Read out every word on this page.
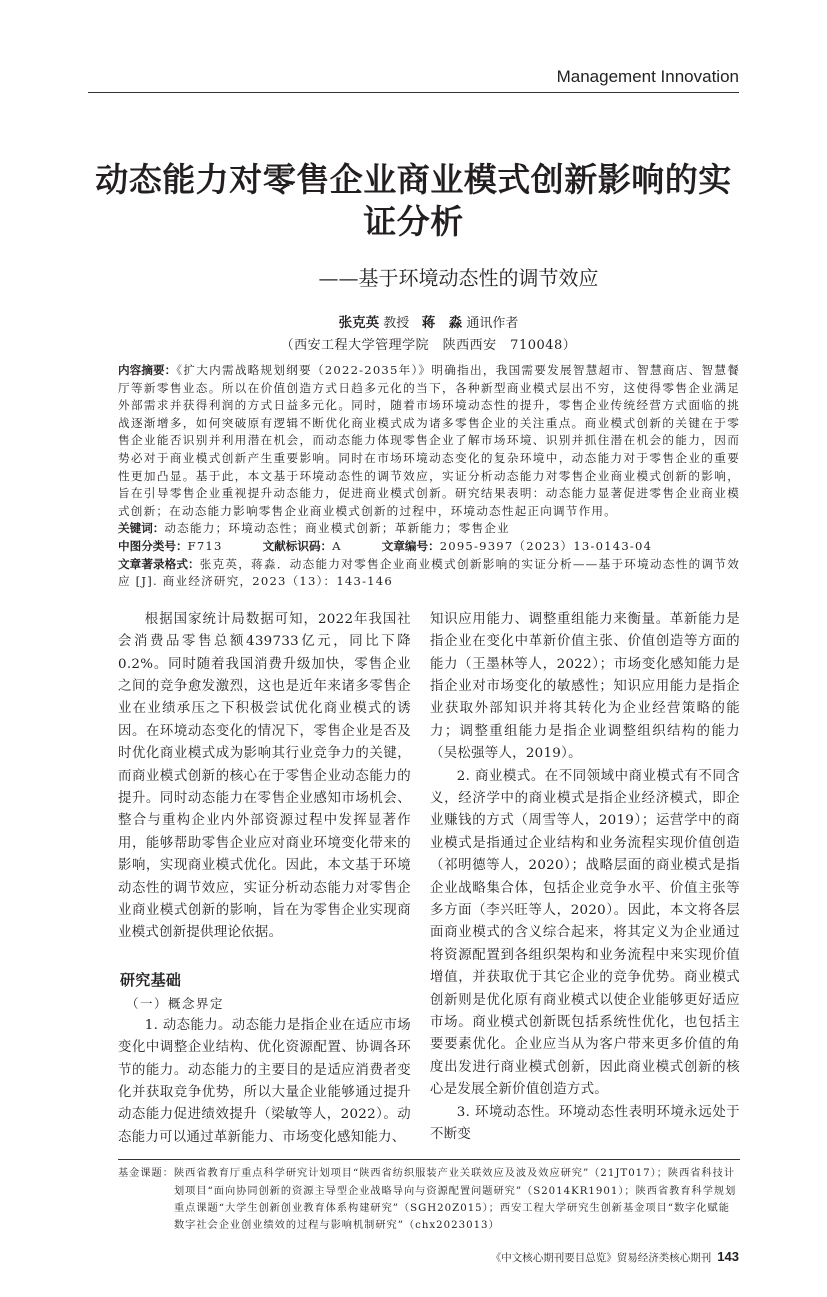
Management Innovation
动态能力对零售企业商业模式创新影响的实证分析
——基于环境动态性的调节效应
张克英 教授 蒋　淼 通讯作者
（西安工程大学管理学院　陕西西安　710048）

内容摘要：《扩大内需战略规划纲要（2022-2035年）》明确指出，我国需要发展智慧超市、智慧商店、智慧餐厅等新零售业态。所以在价值创造方式日趋多元化的当下，各种新型商业模式层出不穷，这使得零售企业满足外部需求并获得利润的方式日益多元化。同时，随着市场环境动态性的提升，零售企业传统经营方式面临的挑战逐渐增多，如何突破原有逻辑不断优化商业模式成为诸多零售企业的关注重点。商业模式创新的关键在于零售企业能否识别并利用潜在机会，而动态能力体现零售企业了解市场环境、识别并抓住潜在机会的能力，因而势必对于商业模式创新产生重要影响。同时在市场环境动态变化的复杂环境中，动态能力对于零售企业的重要性更加凸显。基于此，本文基于环境动态性的调节效应，实证分析动态能力对零售企业商业模式创新的影响，旨在引导零售企业重视提升动态能力，促进商业模式创新。研究结果表明：动态能力显著促进零售企业商业模式创新；在动态能力影响零售企业商业模式创新的过程中，环境动态性起正向调节作用。

关键词：动态能力；环境动态性；商业模式创新；革新能力；零售企业

中图分类号：F713	文献标识码：A	文章编号：2095-9397（2023）13-0143-04

文章著录格式：张克英，蒋淼．动态能力对零售企业商业模式创新影响的实证分析——基于环境动态性的调节效应 [J]. 商业经济研究，2023（13）：143-146

根据国家统计局数据可知，2022年我国社会消费品零售总额439733亿元，同比下降0.2%。同时随着我国消费升级加快，零售企业之间的竞争愈发激烈，这也是近年来诸多零售企业在业绩承压之下积极尝试优化商业模式的诱因。在环境动态变化的情况下，零售企业是否及时优化商业模式成为影响其行业竞争力的关键，而商业模式创新的核心在于零售企业动态能力的提升。同时动态能力在零售企业感知市场机会、整合与重构企业内外部资源过程中发挥显著作用，能够帮助零售企业应对商业环境变化带来的影响，实现商业模式优化。因此，本文基于环境动态性的调节效应，实证分析动态能力对零售企业商业模式创新的影响，旨在为零售企业实现商业模式创新提供理论依据。

研究基础
（一）概念界定

1. 动态能力。动态能力是指企业在适应市场变化中调整企业结构、优化资源配置、协调各环节的能力。动态能力的主要目的是适应消费者变化并获取竞争优势，所以大量企业能够通过提升动态能力促进绩效提升（梁敏等人，2022）。动态能力可以通过革新能力、市场变化感知能力、

知识应用能力、调整重组能力来衡量。革新能力是指企业在变化中革新价值主张、价值创造等方面的能力（王墨林等人，2022）；市场变化感知能力是指企业对市场变化的敏感性；知识应用能力是指企业获取外部知识并将其转化为企业经营策略的能力；调整重组能力是指企业调整组织结构的能力（吴松强等人，2019）。

2. 商业模式。在不同领域中商业模式有不同含义，经济学中的商业模式是指企业经济模式，即企业赚钱的方式（周雪等人，2019）；运营学中的商业模式是指通过企业结构和业务流程实现价值创造（祁明德等人，2020）；战略层面的商业模式是指企业战略集合体，包括企业竞争水平、价值主张等多方面（李兴旺等人，2020）。因此，本文将各层面商业模式的含义综合起来，将其定义为企业通过将资源配置到各组织架构和业务流程中来实现价值增值，并获取优于其它企业的竞争优势。商业模式创新则是优化原有商业模式以使企业能够更好适应市场。商业模式创新既包括系统性优化，也包括主要要素优化。企业应当从为客户带来更多价值的角度出发进行商业模式创新，因此商业模式创新的核心是发展全新价值创造方式。

3. 环境动态性。环境动态性表明环境永远处于不断变

基金课题： 陕西省教育厅重点科学研究计划项目“陕西省纺织服装产业关联效应及波及效应研究”（21JT017）；陕西省科技计划项目“面向协同创新的资源主导型企业战略导向与资源配置问题研究”（S2014KR1901）；陕西省教育科学规划重点课题“大学生创新创业教育体系构建研究”（SGH20Z015）；西安工程大学研究生创新基金项目“数字化赋能数字社会企业创业绩效的过程与影响机制研究”（chx2023013）
《中文核心期刊要目总览》贸易经济类核心期刊 143
